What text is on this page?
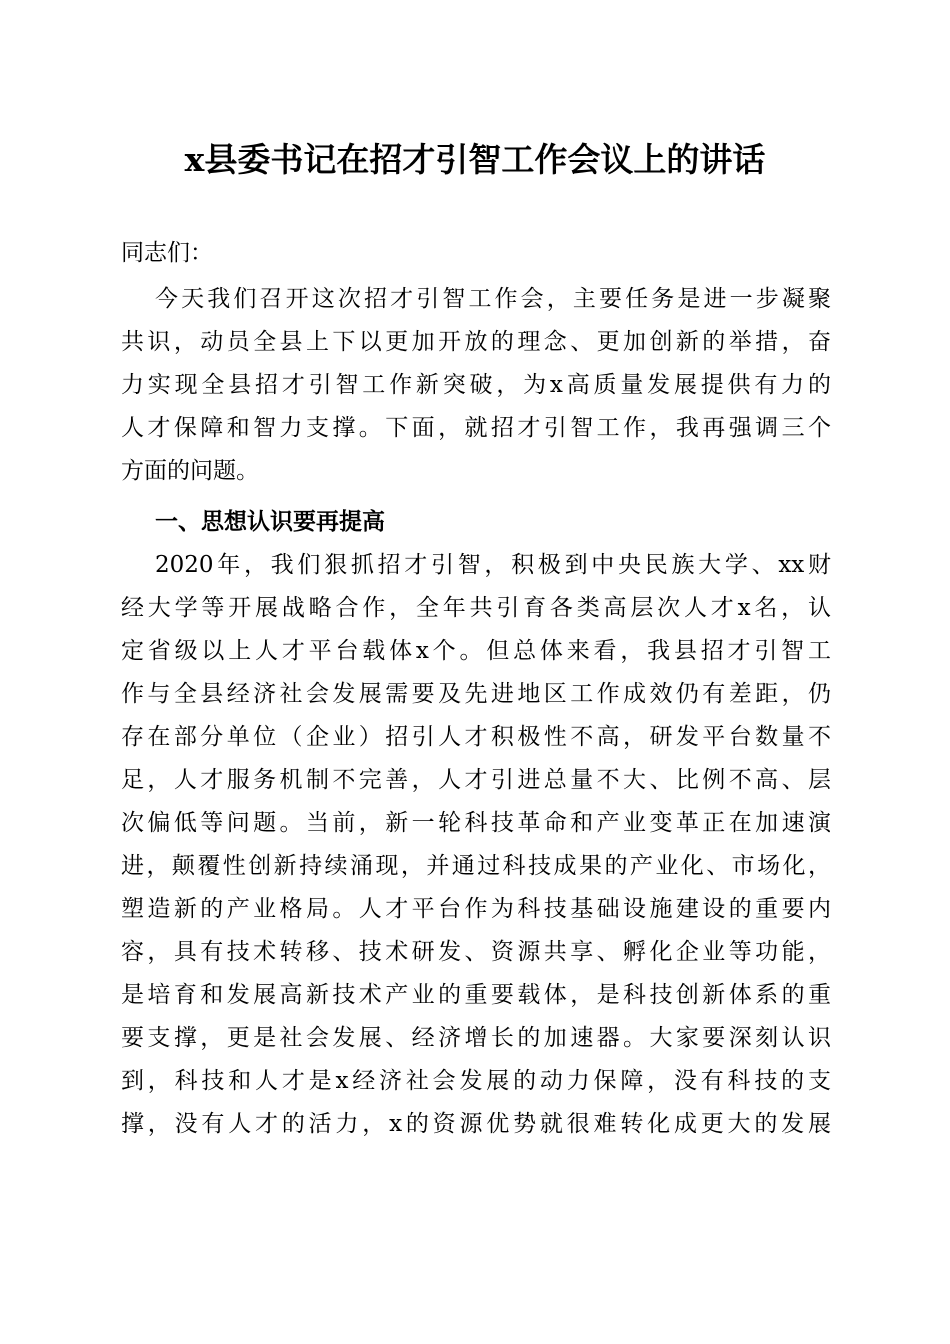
x县委书记在招才引智工作会议上的讲话
同志们：
今天我们召开这次招才引智工作会，主要任务是进一步凝聚
共识，动员全县上下以更加开放的理念、更加创新的举措，奋
力实现全县招才引智工作新突破，为x高质量发展提供有力的
人才保障和智力支撑。下面，就招才引智工作，我再强调三个
方面的问题。
一、思想认识要再提高
2020年，我们狠抓招才引智，积极到中央民族大学、xx财
经大学等开展战略合作，全年共引育各类高层次人才x名，认
定省级以上人才平台载体x个。但总体来看，我县招才引智工
作与全县经济社会发展需要及先进地区工作成效仍有差距，仍
存在部分单位（企业）招引人才积极性不高，研发平台数量不
足，人才服务机制不完善，人才引进总量不大、比例不高、层
次偏低等问题。当前，新一轮科技革命和产业变革正在加速演
进，颠覆性创新持续涌现，并通过科技成果的产业化、市场化，
塑造新的产业格局。人才平台作为科技基础设施建设的重要内
容，具有技术转移、技术研发、资源共享、孵化企业等功能，
是培育和发展高新技术产业的重要载体，是科技创新体系的重
要支撑，更是社会发展、经济增长的加速器。大家要深刻认识
到，科技和人才是x经济社会发展的动力保障，没有科技的支
撑，没有人才的活力，x的资源优势就很难转化成更大的发展
